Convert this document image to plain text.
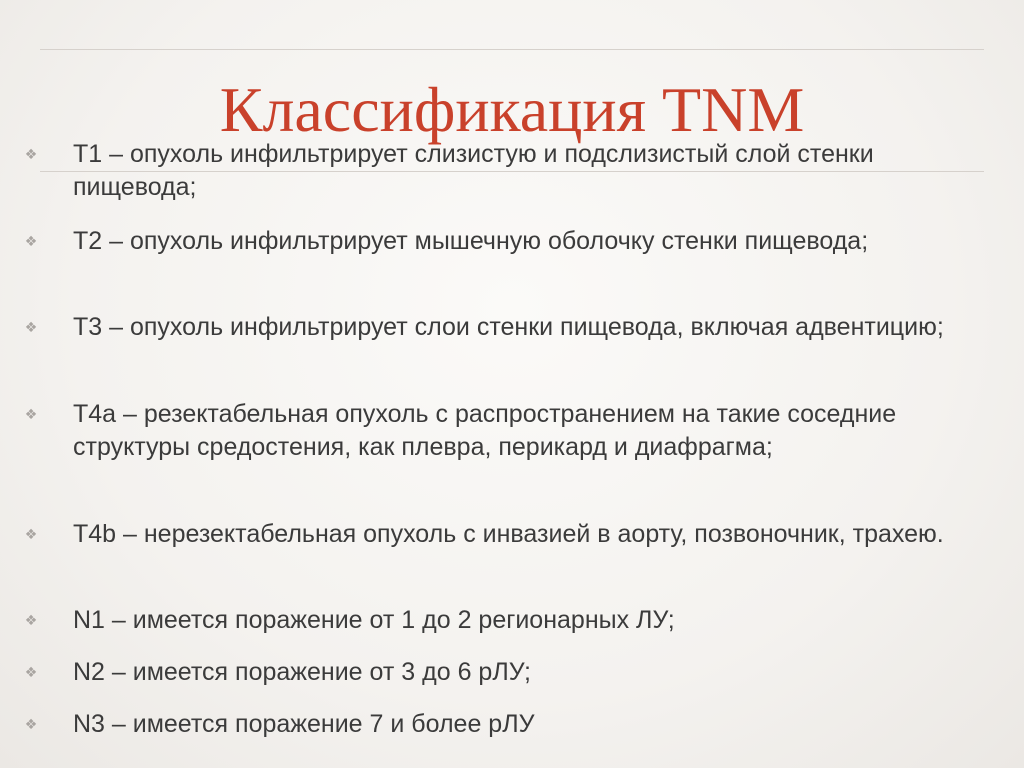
❖ T1 – опухоль инфильтрирует слизистую и подслизистый слой стенки пищевода;
❖ T2 – опухоль инфильтрирует мышечную оболочку стенки пищевода;
❖ T3 – опухоль инфильтрирует слои стенки пищевода, включая адвентицию;
❖ T4a – резектабельная опухоль с распространением на такие соседние структуры средостения, как плевра, перикард и диафрагма;
❖ T4b – нерезектабельная опухоль с инвазией в аорту, позвоночник, трахею.
❖ N1 – имеется поражение от 1 до 2 регионарных ЛУ;
❖ N2 – имеется поражение от 3 до 6 рЛУ;
❖ N3 – имеется поражение 7 и более рЛУ
Классификация TNM
